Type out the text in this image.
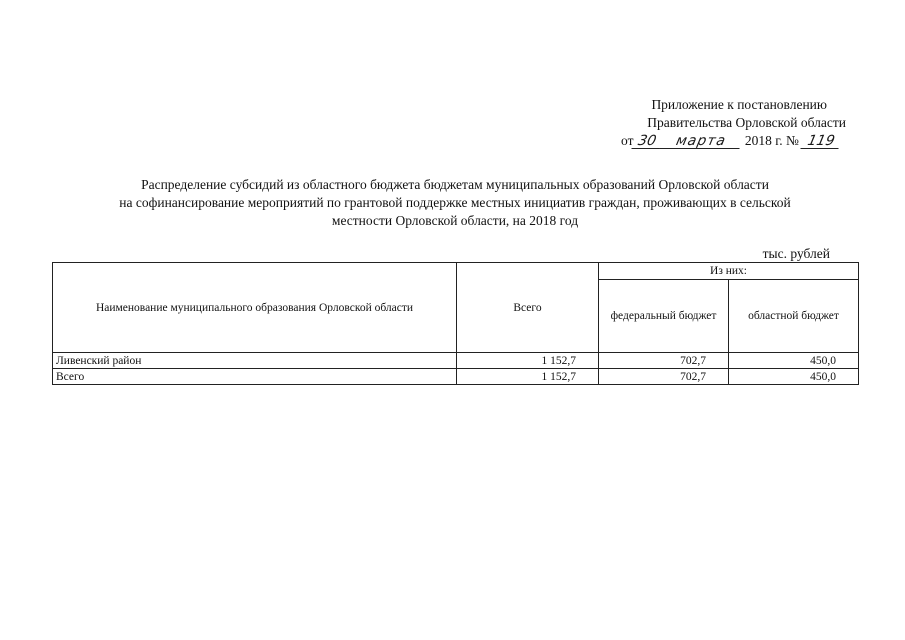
Приложение к постановлению
Правительства Орловской области
от 30 марта 2018 г. № 119
Распределение субсидий из областного бюджета бюджетам муниципальных образований Орловской области
на софинансирование мероприятий по грантовой поддержке местных инициатив граждан, проживающих в сельской
местности Орловской области, на 2018 год
тыс. рублей
Наименование муниципального образования Орловской области	Всего	Из них:	
		федеральный бюджет	областной бюджет
Ливенский район	1 152,7	702,7	450,0
Всего	1 152,7	702,7	450,0
